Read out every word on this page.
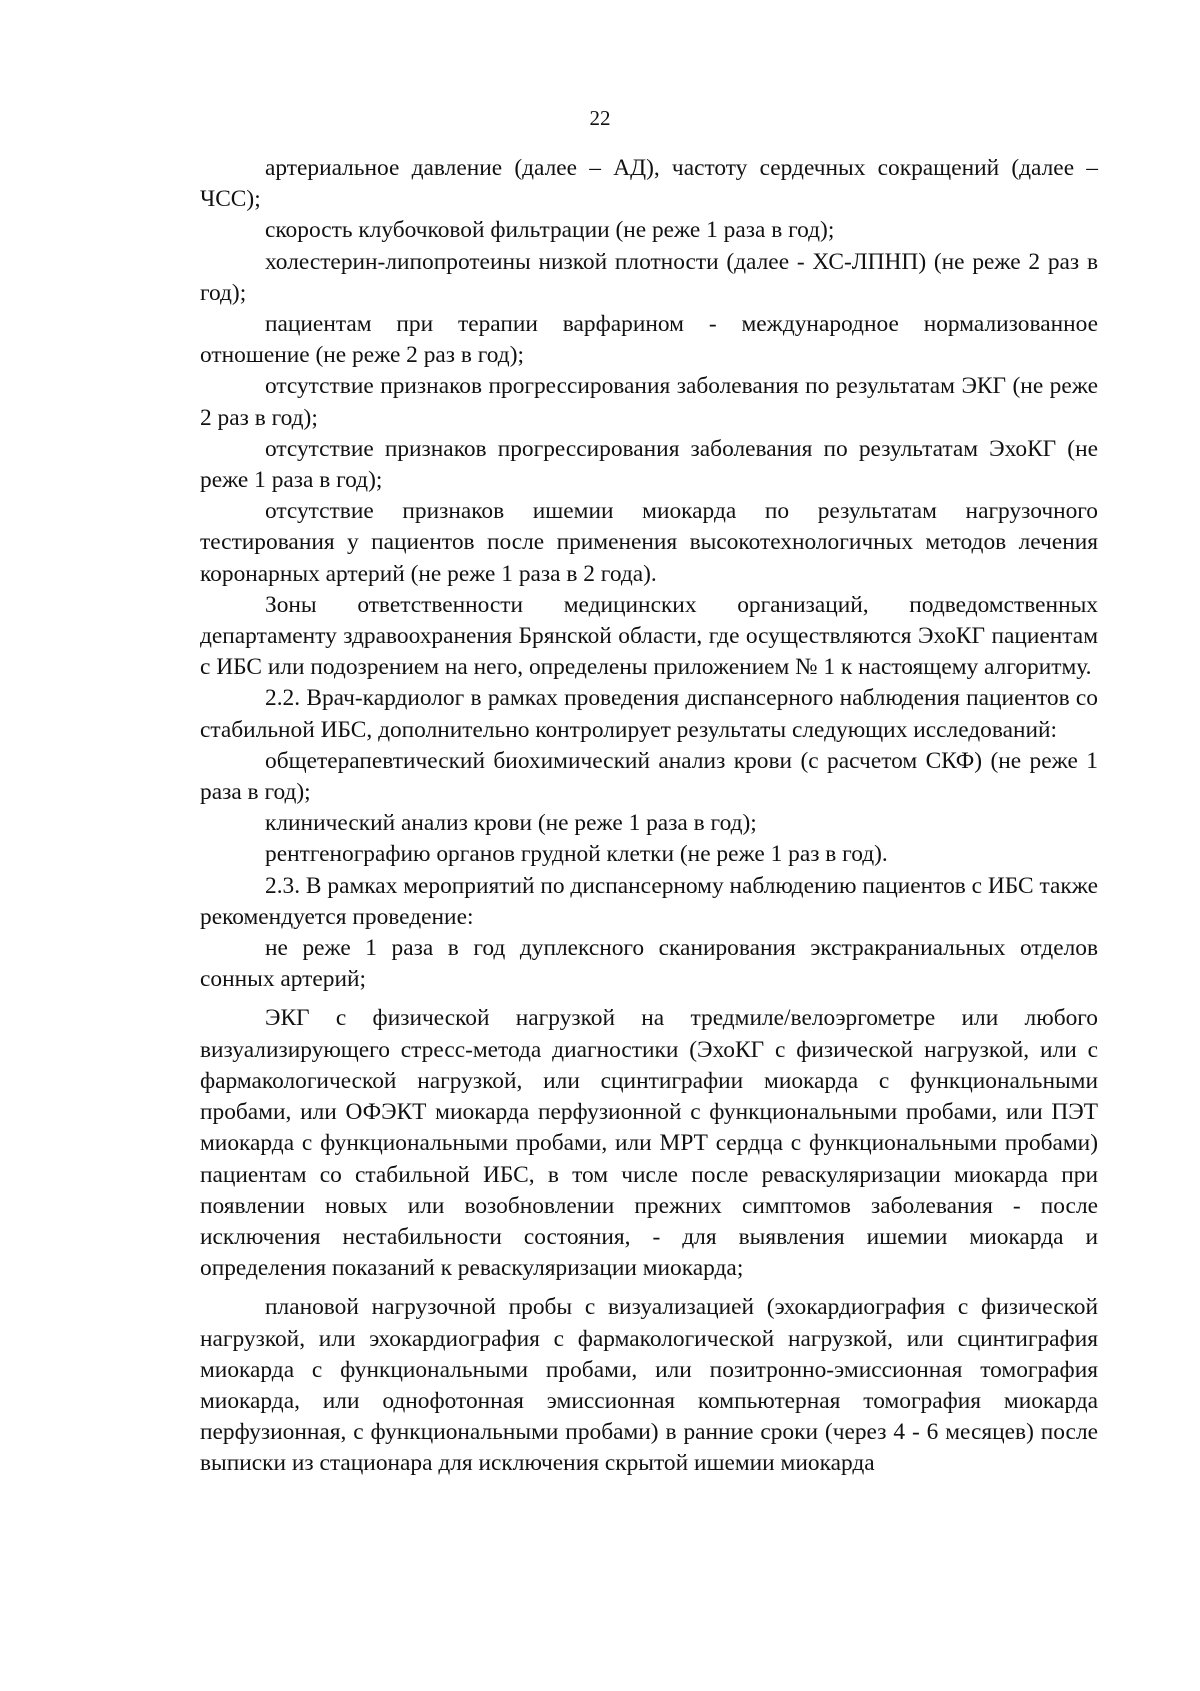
22

артериальное давление (далее – АД), частоту сердечных сокращений (далее – ЧСС);

скорость клубочковой фильтрации (не реже 1 раза в год);

холестерин-липопротеины низкой плотности (далее - ХС-ЛПНП) (не реже 2 раз в год);

пациентам при терапии варфарином - международное нормализованное отношение (не реже 2 раз в год);

отсутствие признаков прогрессирования заболевания по результатам ЭКГ (не реже 2 раз в год);

отсутствие признаков прогрессирования заболевания по результатам ЭхоКГ (не реже 1 раза в год);

отсутствие признаков ишемии миокарда по результатам нагрузочного тестирования у пациентов после применения высокотехнологичных методов лечения коронарных артерий (не реже 1 раза в 2 года).

Зоны ответственности медицинских организаций, подведомственных департаменту здравоохранения Брянской области, где осуществляются ЭхоКГ пациентам с ИБС или подозрением на него, определены приложением № 1 к настоящему алгоритму.

2.2. Врач-кардиолог в рамках проведения диспансерного наблюдения пациентов со стабильной ИБС, дополнительно контролирует результаты следующих исследований:

общетерапевтический биохимический анализ крови (с расчетом СКФ) (не реже 1 раза в год);

клинический анализ крови (не реже 1 раза в год);

рентгенографию органов грудной клетки (не реже 1 раз в год).

2.3. В рамках мероприятий по диспансерному наблюдению пациентов с ИБС также рекомендуется проведение:

не реже 1 раза в год дуплексного сканирования экстракраниальных отделов сонных артерий;

ЭКГ с физической нагрузкой на тредмиле/велоэргометре или любого визуализирующего стресс-метода диагностики (ЭхоКГ с физической нагрузкой, или с фармакологической нагрузкой, или сцинтиграфии миокарда с функциональными пробами, или ОФЭКТ миокарда перфузионной с функциональными пробами, или ПЭТ миокарда с функциональными пробами, или МРТ сердца с функциональными пробами) пациентам со стабильной ИБС, в том числе после реваскуляризации миокарда при появлении новых или возобновлении прежних симптомов заболевания - после исключения нестабильности состояния, - для выявления ишемии миокарда и определения показаний к реваскуляризации миокарда;

плановой нагрузочной пробы с визуализацией (эхокардиография с физической нагрузкой, или эхокардиография с фармакологической нагрузкой, или сцинтиграфия миокарда с функциональными пробами, или позитронно-эмиссионная томография миокарда, или однофотонная эмиссионная компьютерная томография миокарда перфузионная, с функциональными пробами) в ранние сроки (через 4 - 6 месяцев) после выписки из стационара для исключения скрытой ишемии миокарда
